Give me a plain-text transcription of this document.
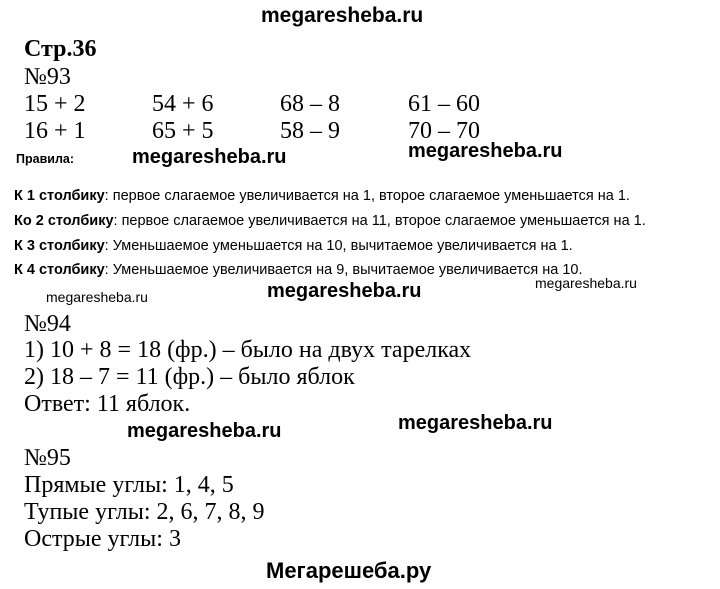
megaresheba.ru
megaresheba.ru	megaresheba.ru
megaresheba.ru	megaresheba.ru	megaresheba.ru
megaresheba.ru	megaresheba.ru
Мегарешеба.ру
Стр.36
№93
15 + 2	54 + 6	68 – 8	61 – 60
16 + 1	65 + 5	58 – 9	70 – 70
Правила:
К 1 столбику: первое слагаемое увеличивается на 1, второе слагаемое уменьшается на 1.
Ко 2 столбику: первое слагаемое увеличивается на 11, второе слагаемое уменьшается на 1.
К 3 столбику: Уменьшаемое уменьшается на 10, вычитаемое увеличивается на 1.
К 4 столбику: Уменьшаемое увеличивается на 9, вычитаемое увеличивается на 10.
№94
1) 10 + 8 = 18 (фр.) – было на двух тарелках
2) 18 – 7 = 11 (фр.) – было яблок
Ответ: 11 яблок.
№95
Прямые углы: 1, 4, 5
Тупые углы: 2, 6, 7, 8, 9
Острые углы: 3
